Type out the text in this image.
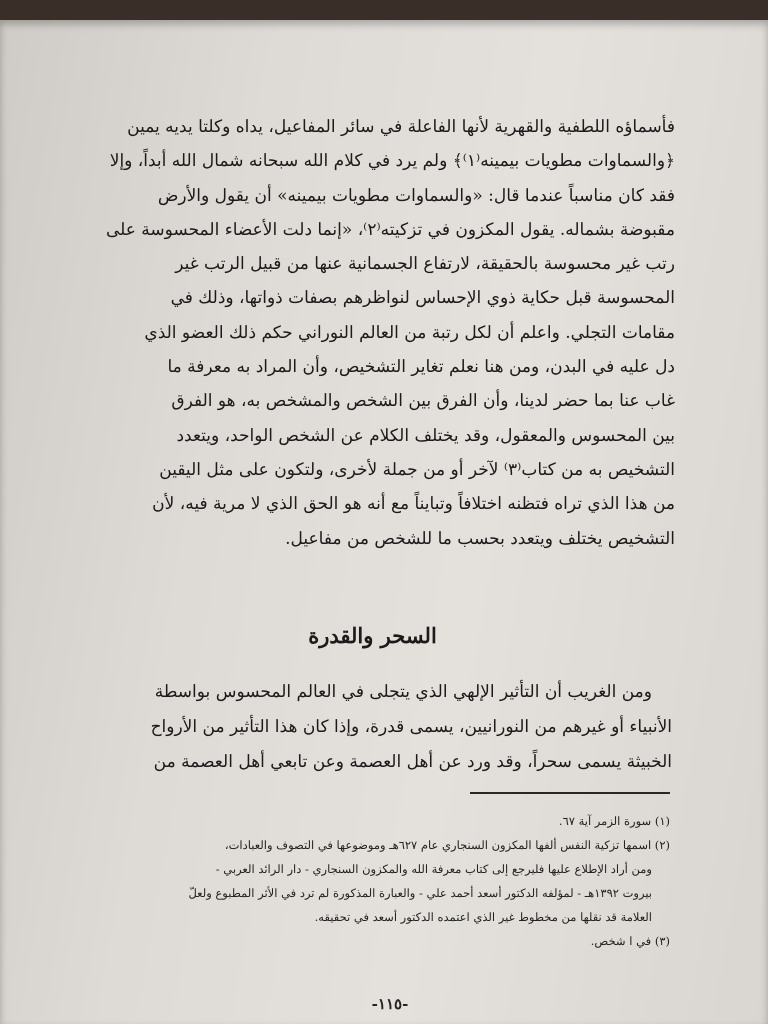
فأسماؤه اللطفية والقهرية لأنها الفاعلة في سائر المفاعيل، يداه وكلتا يديه يمين

﴿والسماوات مطويات بيمينه⁽١⁾﴾ ولم يرد في كلام الله سبحانه شمال الله أبداً، وإلا

فقد كان مناسباً عندما قال: «والسماوات مطويات بيمينه» أن يقول والأرض

مقبوضة بشماله. يقول المكزون في تزكيته⁽٢⁾، «إنما دلت الأعضاء المحسوسة على

رتب غير محسوسة بالحقيقة، لارتفاع الجسمانية عنها من قبيل الرتب غير

المحسوسة قبل حكاية ذوي الإحساس لنواظرهم بصفات ذواتها، وذلك في

مقامات التجلي. واعلم أن لكل رتبة من العالم النوراني حكم ذلك العضو الذي

دل عليه في البدن، ومن هنا نعلم تغاير التشخيص، وأن المراد به معرفة ما

غاب عنا بما حضر لدينا، وأن الفرق بين الشخص والمشخص به، هو الفرق

بين المحسوس والمعقول، وقد يختلف الكلام عن الشخص الواحد، ويتعدد

التشخيص به من كتاب⁽٣⁾ لآخر أو من جملة لأخرى، ولتكون على مثل اليقين

من هذا الذي تراه فتظنه اختلافاً وتبايناً مع أنه هو الحق الذي لا مرية فيه، لأن

التشخيص يختلف ويتعدد بحسب ما للشخص من مفاعيل.

السحر والقدرة

ومن الغريب أن التأثير الإلهي الذي يتجلى في العالم المحسوس بواسطة

الأنبياء أو غيرهم من النورانيين، يسمى قدرة، وإذا كان هذا التأثير من الأرواح

الخبيثة يسمى سحراً، وقد ورد عن أهل العصمة وعن تابعي أهل العصمة من

(١) سورة الزمر آية ٦٧.

(٢) اسمها تزكية النفس ألفها المكزون السنجاري عام ٦٢٧هـ وموضوعها في التصوف والعبادات،

ومن أراد الإطلاع عليها فليرجع إلى كتاب معرفة الله والمكزون السنجاري - دار الرائد العربي -

بيروت ١٣٩٢هـ - لمؤلفه الدكتور أسعد أحمد علي - والعبارة المذكورة لم ترد في الأثر المطبوع ولعلّ

العلامة قد نقلها من مخطوط غير الذي اعتمده الدكتور أسعد في تحقيقه.

(٣) في ا شخص.

-١١٥-
